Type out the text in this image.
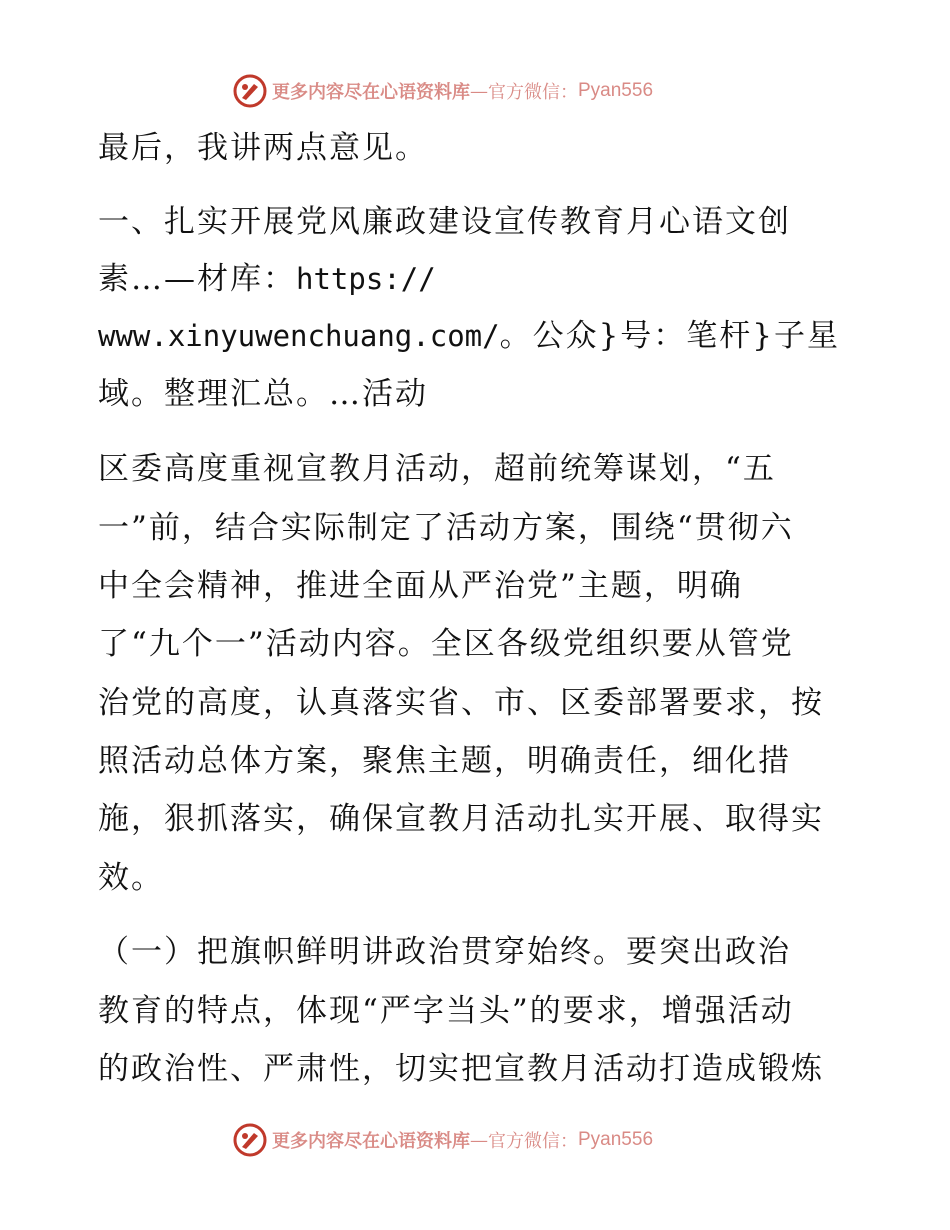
更多内容尽在心语资料库 — 官方微信： Pyan556
最后，我讲两点意见。
一、扎实开展党风廉政建设宣传教育月心语文创
素…—材库：https://
www.xinyuwenchuang.com/。公众}号：笔杆}子星
域。整理汇总。…活动
区委高度重视宣教月活动，超前统筹谋划，“五
一”前，结合实际制定了活动方案，围绕“贯彻六
中全会精神，推进全面从严治党”主题，明确
了“九个一”活动内容。全区各级党组织要从管党
治党的高度，认真落实省、市、区委部署要求，按
照活动总体方案，聚焦主题，明确责任，细化措
施，狠抓落实，确保宣教月活动扎实开展、取得实
效。
（一）把旗帜鲜明讲政治贯穿始终。要突出政治
教育的特点，体现“严字当头”的要求，增强活动
的政治性、严肃性，切实把宣教月活动打造成锻炼
更多内容尽在心语资料库 — 官方微信： Pyan556
